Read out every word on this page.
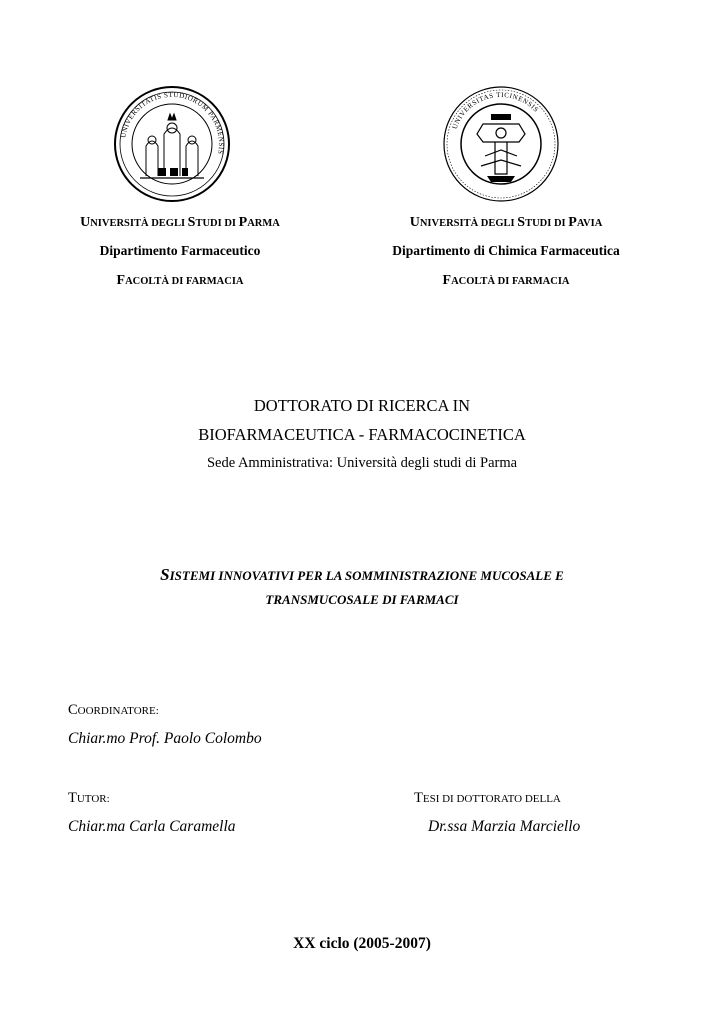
UNIVERSITATIS STUDIORUM PARMENSIS
UNIVERSITAS TICINENSIS
UNIVERSITÀ DEGLI STUDI DI PARMA
Dipartimento Farmaceutico
FACOLTÀ DI FARMACIA
UNIVERSITÀ DEGLI STUDI DI PAVIA
Dipartimento di Chimica Farmaceutica
FACOLTÀ DI FARMACIA
DOTTORATO DI RICERCA IN
BIOFARMACEUTICA - FARMACOCINETICA
Sede Amministrativa: Università degli studi di Parma
SISTEMI INNOVATIVI PER LA SOMMINISTRAZIONE MUCOSALE E
TRANSMUCOSALE DI FARMACI
COORDINATORE:
Chiar.mo Prof. Paolo Colombo
TUTOR:
Chiar.ma Carla Caramella
TESI DI DOTTORATO DELLA
Dr.ssa Marzia Marciello
XX ciclo (2005-2007)
